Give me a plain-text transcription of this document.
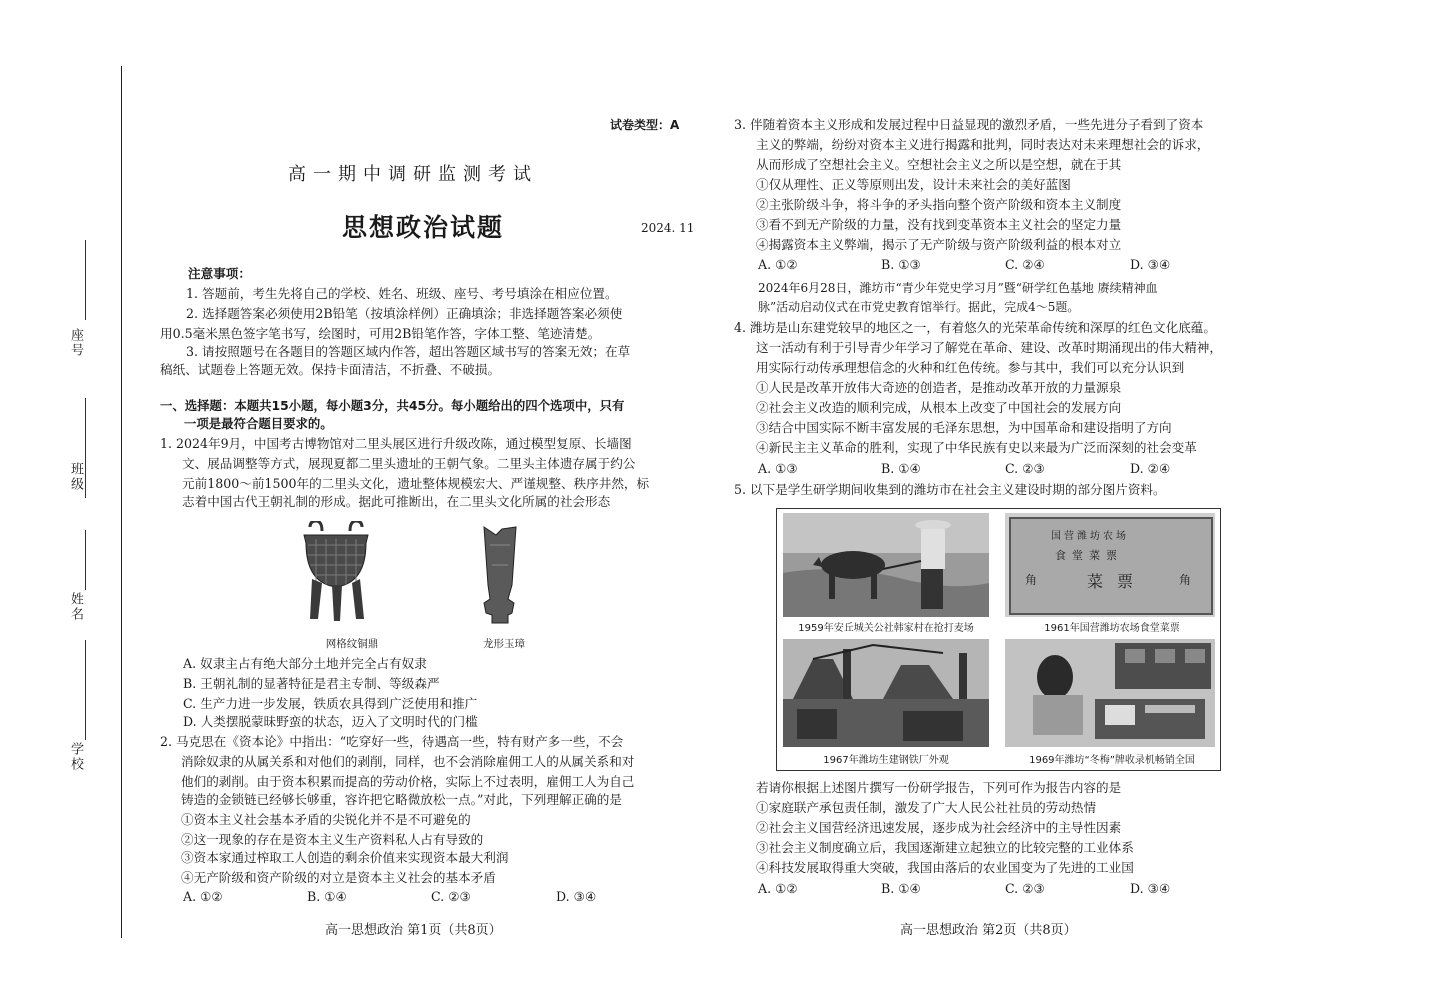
座号
班级
姓名
学校
试卷类型：A
高一期中调研监测考试
思想政治试题	2024. 11
注意事项：
1. 答题前，考生先将自己的学校、姓名、班级、座号、考号填涂在相应位置。
2. 选择题答案必须使用2B铅笔（按填涂样例）正确填涂；非选择题答案必须使
用0.5毫米黑色签字笔书写，绘图时，可用2B铅笔作答，字体工整、笔迹清楚。
3. 请按照题号在各题目的答题区域内作答，超出答题区域书写的答案无效；在草
稿纸、试题卷上答题无效。保持卡面清洁，不折叠、不破损。
一、选择题：本题共15小题，每小题3分，共45分。每小题给出的四个选项中，只有
一项是最符合题目要求的。
1. 2024年9月，中国考古博物馆对二里头展区进行升级改陈，通过模型复原、长墙图
文、展品调整等方式，展现夏都二里头遗址的王朝气象。二里头主体遗存属于约公
元前1800～前1500年的二里头文化，遗址整体规模宏大、严谨规整、秩序井然，标
志着中国古代王朝礼制的形成。据此可推断出，在二里头文化所属的社会形态
网格纹铜鼎	龙形玉璋
A. 奴隶主占有绝大部分土地并完全占有奴隶
B. 王朝礼制的显著特征是君主专制、等级森严
C. 生产力进一步发展，铁质农具得到广泛使用和推广
D. 人类摆脱蒙昧野蛮的状态，迈入了文明时代的门槛
2. 马克思在《资本论》中指出：“吃穿好一些，待遇高一些，特有财产多一些，不会
消除奴隶的从属关系和对他们的剥削，同样，也不会消除雇佣工人的从属关系和对
他们的剥削。由于资本积累而提高的劳动价格，实际上不过表明，雇佣工人为自己
铸造的金锁链已经够长够重，容许把它略微放松一点。”对此，下列理解正确的是
①资本主义社会基本矛盾的尖锐化并不是不可避免的
②这一现象的存在是资本主义生产资料私人占有导致的
③资本家通过榨取工人创造的剩余价值来实现资本最大利润
④无产阶级和资产阶级的对立是资本主义社会的基本矛盾
A. ①②	B. ①④	C. ②③	D. ③④
3. 伴随着资本主义形成和发展过程中日益显现的激烈矛盾，一些先进分子看到了资本
主义的弊端，纷纷对资本主义进行揭露和批判，同时表达对未来理想社会的诉求，
从而形成了空想社会主义。空想社会主义之所以是空想，就在于其
①仅从理性、正义等原则出发，设计未来社会的美好蓝图
②主张阶级斗争，将斗争的矛头指向整个资产阶级和资本主义制度
③看不到无产阶级的力量，没有找到变革资本主义社会的坚定力量
④揭露资本主义弊端，揭示了无产阶级与资产阶级利益的根本对立
A. ①②	B. ①③	C. ②④	D. ③④
2024年6月28日，潍坊市“青少年党史学习月”暨“研学红色基地 赓续精神血
脉”活动启动仪式在市党史教育馆举行。据此，完成4～5题。
4. 潍坊是山东建党较早的地区之一，有着悠久的光荣革命传统和深厚的红色文化底蕴。
这一活动有利于引导青少年学习了解党在革命、建设、改革时期涌现出的伟大精神，
用实际行动传承理想信念的火种和红色传统。参与其中，我们可以充分认识到
①人民是改革开放伟大奇迹的创造者，是推动改革开放的力量源泉
②社会主义改造的顺利完成，从根本上改变了中国社会的发展方向
③结合中国实际不断丰富发展的毛泽东思想，为中国革命和建设指明了方向
④新民主主义革命的胜利，实现了中华民族有史以来最为广泛而深刻的社会变革
A. ①③	B. ①④	C. ②③	D. ②④
5. 以下是学生研学期间收集到的潍坊市在社会主义建设时期的部分图片资料。
1959年安丘城关公社韩家村在抢打麦场
国营潍坊农场
食堂菜票
角	角
菜 票
1961年国营潍坊农场食堂菜票
1967年潍坊生建钢铁厂外观	1969年潍坊“冬梅”牌收录机畅销全国
若请你根据上述图片撰写一份研学报告，下列可作为报告内容的是
①家庭联产承包责任制，激发了广大人民公社社员的劳动热情
②社会主义国营经济迅速发展，逐步成为社会经济中的主导性因素
③社会主义制度确立后，我国逐渐建立起独立的比较完整的工业体系
④科技发展取得重大突破，我国由落后的农业国变为了先进的工业国
A. ①②	B. ①④	C. ②③	D. ③④
高一思想政治 第1页（共8页）	高一思想政治 第2页（共8页）
